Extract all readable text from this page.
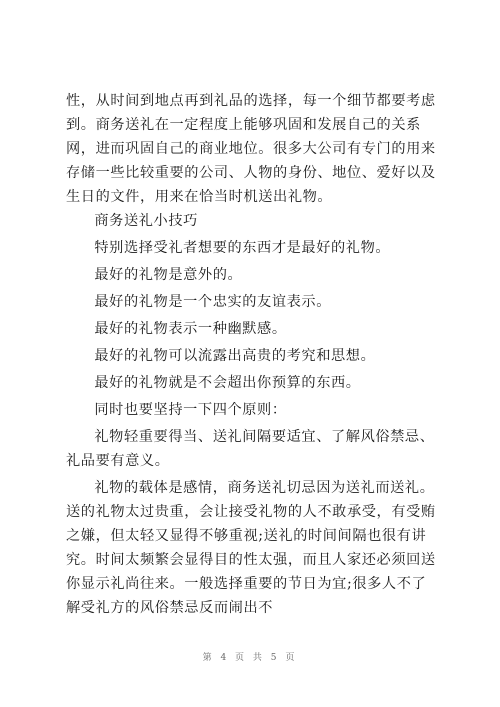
性，从时间到地点再到礼品的选择，每一个细节都要考虑到。商务送礼在一定程度上能够巩固和发展自己的关系网，进而巩固自己的商业地位。很多大公司有专门的用来存储一些比较重要的公司、人物的身份、地位、爱好以及生日的文件，用来在恰当时机送出礼物。

商务送礼小技巧

特别选择受礼者想要的东西才是最好的礼物。

最好的礼物是意外的。

最好的礼物是一个忠实的友谊表示。

最好的礼物表示一种幽默感。

最好的礼物可以流露出高贵的考究和思想。

最好的礼物就是不会超出你预算的东西。

同时也要坚持一下四个原则：

礼物轻重要得当、送礼间隔要适宜、了解风俗禁忌、礼品要有意义。

礼物的载体是感情，商务送礼切忌因为送礼而送礼。送的礼物太过贵重，会让接受礼物的人不敢承受，有受贿之嫌，但太轻又显得不够重视;送礼的时间间隔也很有讲究。时间太频繁会显得目的性太强，而且人家还必须回送你显示礼尚往来。一般选择重要的节日为宜;很多人不了解受礼方的风俗禁忌反而闹出不

第 4 页 共 5 页
